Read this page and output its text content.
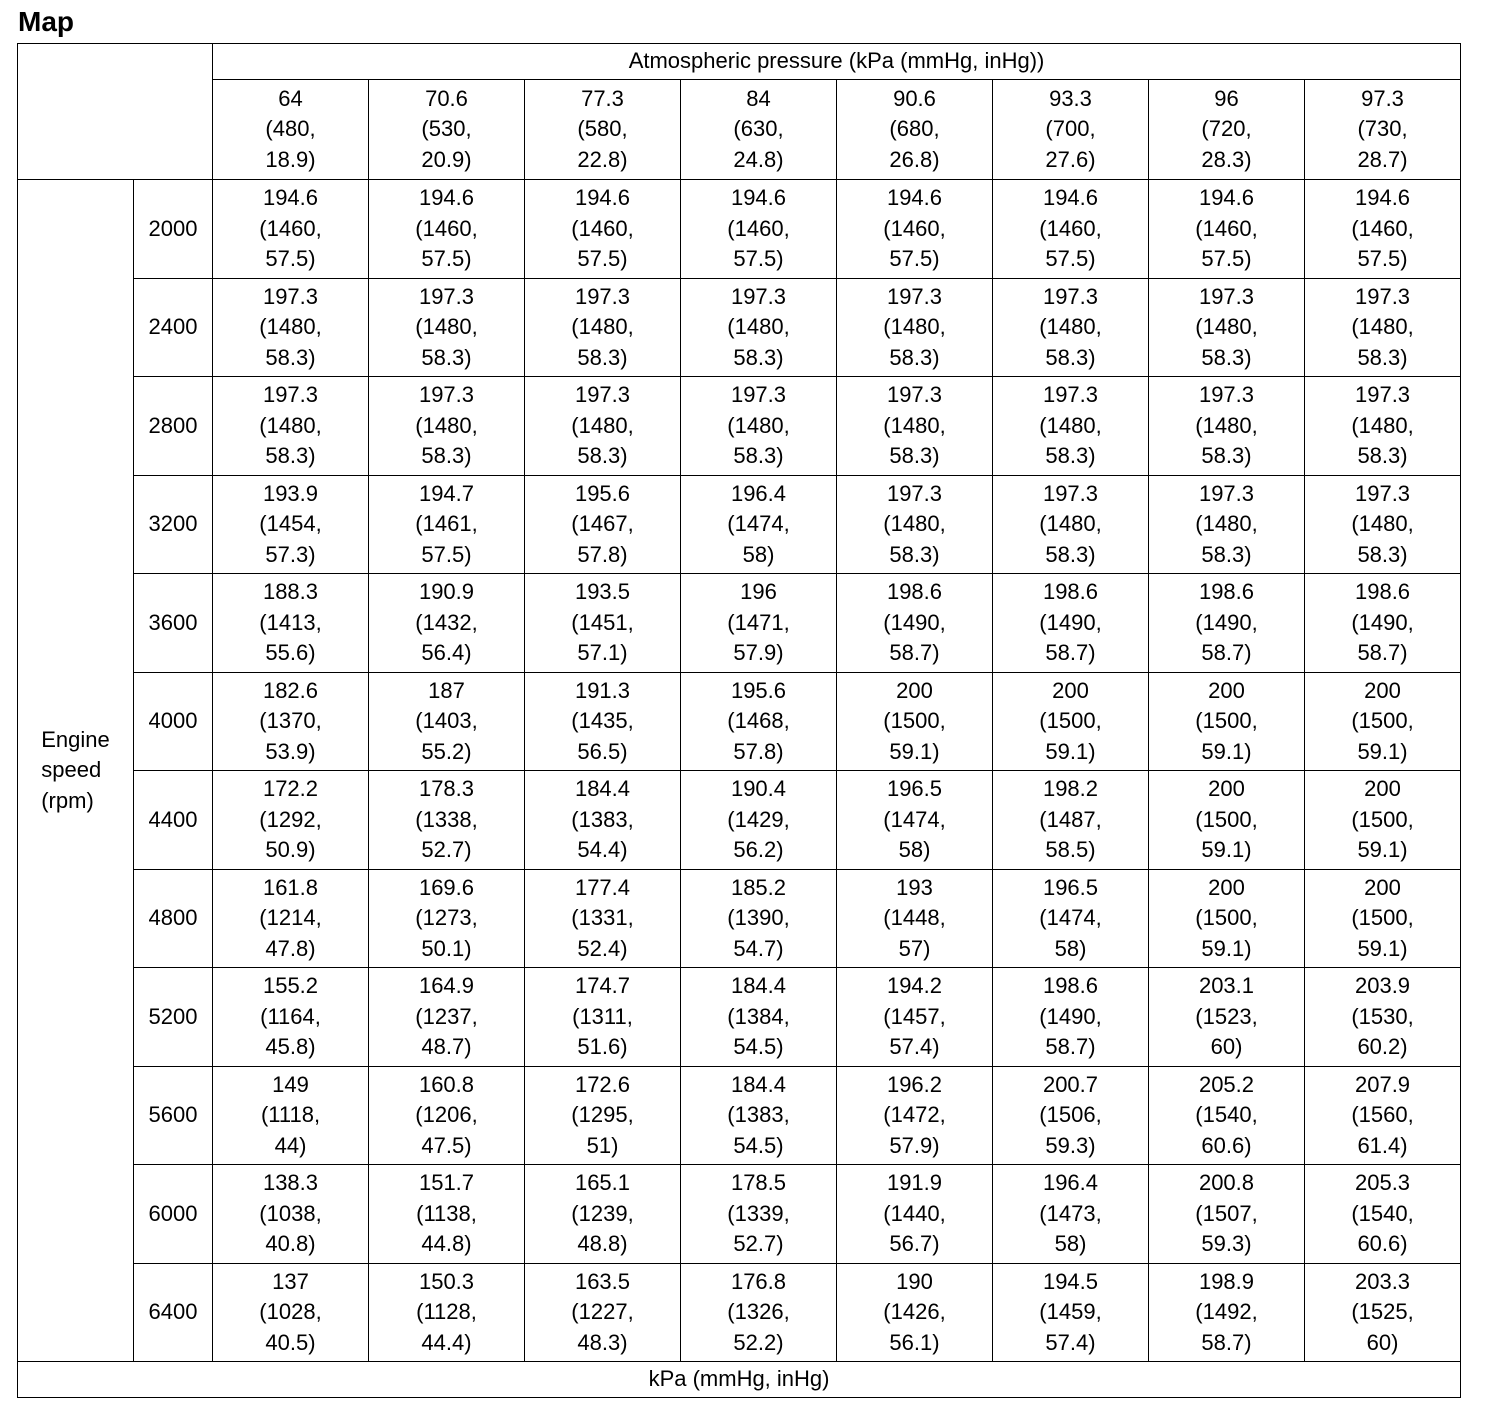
Map
		Atmospheric pressure (kPa (mmHg, inHg))							
		64
(480,
18.9)	70.6
(530,
20.9)	77.3
(580,
22.8)	84
(630,
24.8)	90.6
(680,
26.8)	93.3
(700,
27.6)	96
(720,
28.3)	97.3
(730,
28.7)
Engine
speed
(rpm)	2000	194.6
(1460,
57.5)	194.6
(1460,
57.5)	194.6
(1460,
57.5)	194.6
(1460,
57.5)	194.6
(1460,
57.5)	194.6
(1460,
57.5)	194.6
(1460,
57.5)	194.6
(1460,
57.5)
	2400	197.3
(1480,
58.3)	197.3
(1480,
58.3)	197.3
(1480,
58.3)	197.3
(1480,
58.3)	197.3
(1480,
58.3)	197.3
(1480,
58.3)	197.3
(1480,
58.3)	197.3
(1480,
58.3)
	2800	197.3
(1480,
58.3)	197.3
(1480,
58.3)	197.3
(1480,
58.3)	197.3
(1480,
58.3)	197.3
(1480,
58.3)	197.3
(1480,
58.3)	197.3
(1480,
58.3)	197.3
(1480,
58.3)
	3200	193.9
(1454,
57.3)	194.7
(1461,
57.5)	195.6
(1467,
57.8)	196.4
(1474,
58)	197.3
(1480,
58.3)	197.3
(1480,
58.3)	197.3
(1480,
58.3)	197.3
(1480,
58.3)
	3600	188.3
(1413,
55.6)	190.9
(1432,
56.4)	193.5
(1451,
57.1)	196
(1471,
57.9)	198.6
(1490,
58.7)	198.6
(1490,
58.7)	198.6
(1490,
58.7)	198.6
(1490,
58.7)
	4000	182.6
(1370,
53.9)	187
(1403,
55.2)	191.3
(1435,
56.5)	195.6
(1468,
57.8)	200
(1500,
59.1)	200
(1500,
59.1)	200
(1500,
59.1)	200
(1500,
59.1)
	4400	172.2
(1292,
50.9)	178.3
(1338,
52.7)	184.4
(1383,
54.4)	190.4
(1429,
56.2)	196.5
(1474,
58)	198.2
(1487,
58.5)	200
(1500,
59.1)	200
(1500,
59.1)
	4800	161.8
(1214,
47.8)	169.6
(1273,
50.1)	177.4
(1331,
52.4)	185.2
(1390,
54.7)	193
(1448,
57)	196.5
(1474,
58)	200
(1500,
59.1)	200
(1500,
59.1)
	5200	155.2
(1164,
45.8)	164.9
(1237,
48.7)	174.7
(1311,
51.6)	184.4
(1384,
54.5)	194.2
(1457,
57.4)	198.6
(1490,
58.7)	203.1
(1523,
60)	203.9
(1530,
60.2)
	5600	149
(1118,
44)	160.8
(1206,
47.5)	172.6
(1295,
51)	184.4
(1383,
54.5)	196.2
(1472,
57.9)	200.7
(1506,
59.3)	205.2
(1540,
60.6)	207.9
(1560,
61.4)
	6000	138.3
(1038,
40.8)	151.7
(1138,
44.8)	165.1
(1239,
48.8)	178.5
(1339,
52.7)	191.9
(1440,
56.7)	196.4
(1473,
58)	200.8
(1507,
59.3)	205.3
(1540,
60.6)
	6400	137
(1028,
40.5)	150.3
(1128,
44.4)	163.5
(1227,
48.3)	176.8
(1326,
52.2)	190
(1426,
56.1)	194.5
(1459,
57.4)	198.9
(1492,
58.7)	203.3
(1525,
60)
kPa (mmHg, inHg)									
